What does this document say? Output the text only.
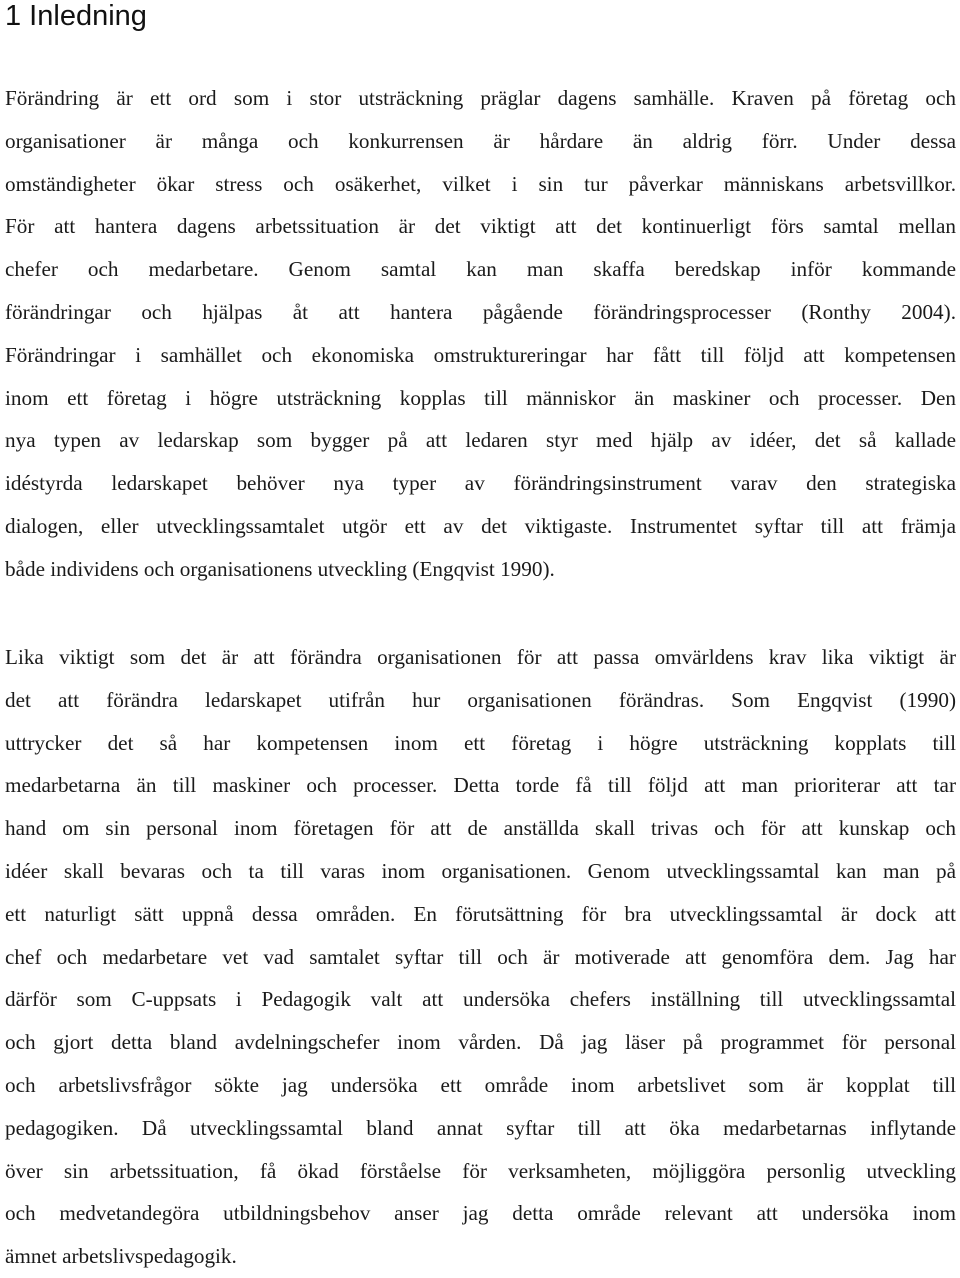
1 Inledning
Förändring är ett ord som i stor utsträckning präglar dagens samhälle. Kraven på företag och
organisationer är många och konkurrensen är hårdare än aldrig förr. Under dessa
omständigheter ökar stress och osäkerhet, vilket i sin tur påverkar människans arbetsvillkor.
För att hantera dagens arbetssituation är det viktigt att det kontinuerligt förs samtal mellan
chefer och medarbetare. Genom samtal kan man skaffa beredskap inför kommande
förändringar och hjälpas åt att hantera pågående förändringsprocesser (Ronthy 2004).
Förändringar i samhället och ekonomiska omstruktureringar har fått till följd att kompetensen
inom ett företag i högre utsträckning kopplas till människor än maskiner och processer. Den
nya typen av ledarskap som bygger på att ledaren styr med hjälp av idéer, det så kallade
idéstyrda ledarskapet behöver nya typer av förändringsinstrument varav den strategiska
dialogen, eller utvecklingssamtalet utgör ett av det viktigaste. Instrumentet syftar till att främja
både individens och organisationens utveckling (Engqvist 1990).
Lika viktigt som det är att förändra organisationen för att passa omvärldens krav lika viktigt är
det att förändra ledarskapet utifrån hur organisationen förändras. Som Engqvist (1990)
uttrycker det så har kompetensen inom ett företag i högre utsträckning kopplats till
medarbetarna än till maskiner och processer. Detta torde få till följd att man prioriterar att tar
hand om sin personal inom företagen för att de anställda skall trivas och för att kunskap och
idéer skall bevaras och ta till varas inom organisationen. Genom utvecklingssamtal kan man på
ett naturligt sätt uppnå dessa områden. En förutsättning för bra utvecklingssamtal är dock att
chef och medarbetare vet vad samtalet syftar till och är motiverade att genomföra dem. Jag har
därför som C-uppsats i Pedagogik valt att undersöka chefers inställning till utvecklingssamtal
och gjort detta bland avdelningschefer inom vården. Då jag läser på programmet för personal
och arbetslivsfrågor sökte jag undersöka ett område inom arbetslivet som är kopplat till
pedagogiken. Då utvecklingssamtal bland annat syftar till att öka medarbetarnas inflytande
över sin arbetssituation, få ökad förståelse för verksamheten, möjliggöra personlig utveckling
och medvetandegöra utbildningsbehov anser jag detta område relevant att undersöka inom
ämnet arbetslivspedagogik.
